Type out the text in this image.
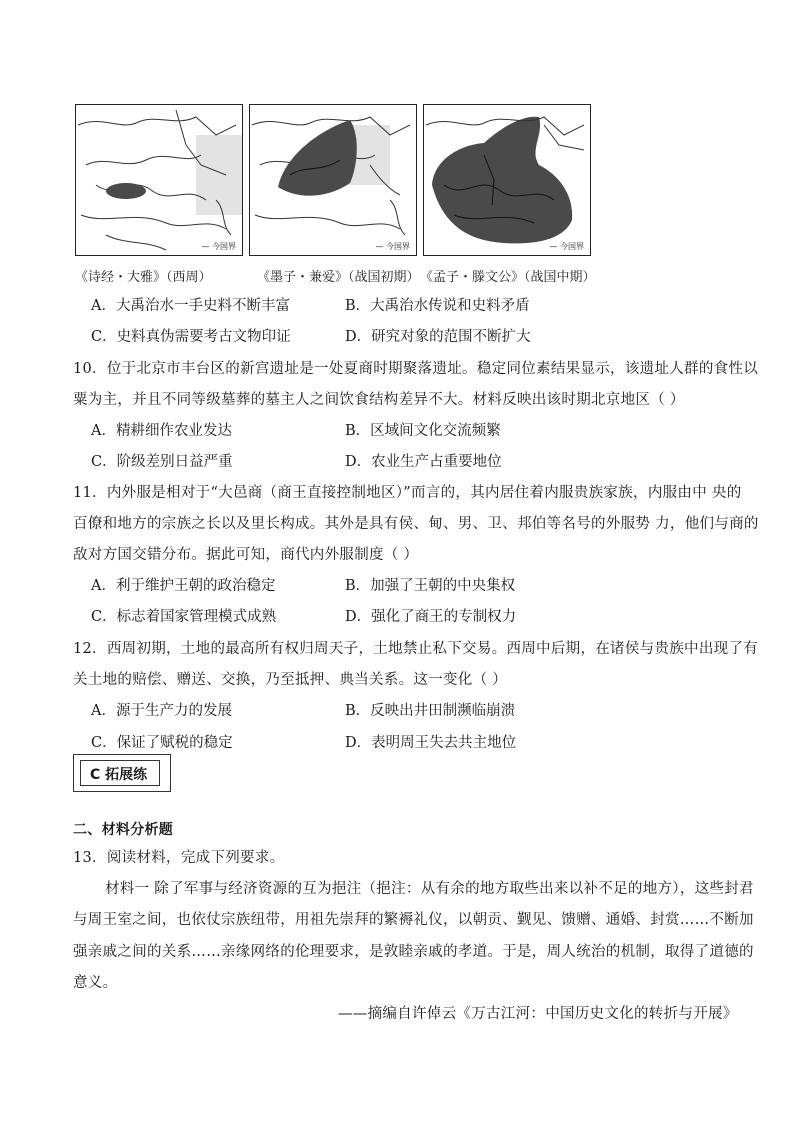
— 今国界	— 今国界	— 今国界
《诗经・大雅》（西周）	《墨子・兼爱》（战国初期） 《孟子・滕文公》（战国中期）
A．大禹治水一手史料不断丰富	B．大禹治水传说和史料矛盾
C．史料真伪需要考古文物印证	D．研究对象的范围不断扩大
10．位于北京市丰台区的新宫遗址是一处夏商时期聚落遗址。稳定同位素结果显示，该遗址人群的食性以
粟为主，并且不同等级墓葬的墓主人之间饮食结构差异不大。材料反映出该时期北京地区（ ）
A．精耕细作农业发达	B．区域间文化交流频繁
C．阶级差别日益严重	D．农业生产占重要地位
11．内外服是相对于“大邑商（商王直接控制地区）”而言的，其内居住着内服贵族家族，内服由中 央的
百僚和地方的宗族之长以及里长构成。其外是具有侯、甸、男、卫、邦伯等名号的外服势 力，他们与商的
敌对方国交错分布。据此可知，商代内外服制度（ ）
A．利于维护王朝的政治稳定	B．加强了王朝的中央集权
C．标志着国家管理模式成熟	D．强化了商王的专制权力
12．西周初期，土地的最高所有权归周天子，土地禁止私下交易。西周中后期，在诸侯与贵族中出现了有
关土地的赔偿、赠送、交换，乃至抵押、典当关系。这一变化（ ）
A．源于生产力的发展	B．反映出井田制濒临崩溃
C．保证了赋税的稳定	D．表明周王失去共主地位
C 拓展练
二、材料分析题
13．阅读材料，完成下列要求。
材料一 除了军事与经济资源的互为挹注（挹注：从有余的地方取些出来以补不足的地方），这些封君
与周王室之间，也依仗宗族纽带，用祖先崇拜的繁褥礼仪，以朝贡、觐见、馈赠、通婚、封赏……不断加
强亲戚之间的关系……亲缘网络的伦理要求，是敦睦亲戚的孝道。于是，周人统治的机制，取得了道德的
意义。
——摘编自许倬云《万古江河：中国历史文化的转折与开展》
